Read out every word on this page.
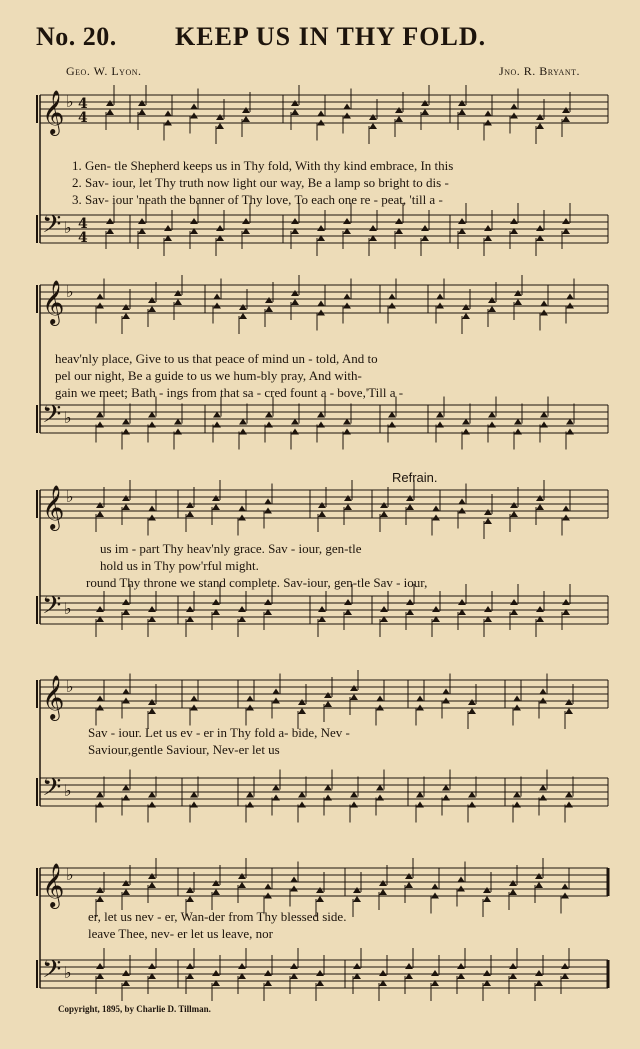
𝄞
𝄢
♭
♭
4
4
4
4
𝄞
𝄢
♭
♭
𝄞
𝄢
♭
♭
𝄞
𝄢
♭
♭
𝄞
𝄢
♭
♭
No. 20. KEEP US IN THY FOLD.
Geo. W. Lyon.	Jno. R. Bryant.
Refrain.
1. Gen- tle Shepherd keeps us in Thy fold, With thy kind embrace, In this
2. Sav- iour, let Thy truth now light our way, Be a lamp so bright to dis -
3. Sav- iour 'neath the banner of Thy love, To each one re - peat, 'till a -
heav'nly place, Give to us that peace of mind un - told, And to
pel our night, Be a guide to us we hum-bly pray, And with-
gain we meet; Bath - ings from that sa - cred fount a - bove,'Till a -
us im - part Thy heav'nly grace. Sav - iour, gen-tle
hold us in Thy pow'rful might.
round Thy throne we stand complete. Sav-iour, gen-tle Sav - iour,
Sav - iour. Let us ev - er in Thy fold a- bide, Nev -
Saviour,gentle Saviour, Nev-er let us
er, let us nev - er, Wan-der from Thy blessed side.
leave Thee, nev- er let us leave, nor
Copyright, 1895, by Charlie D. Tillman.
